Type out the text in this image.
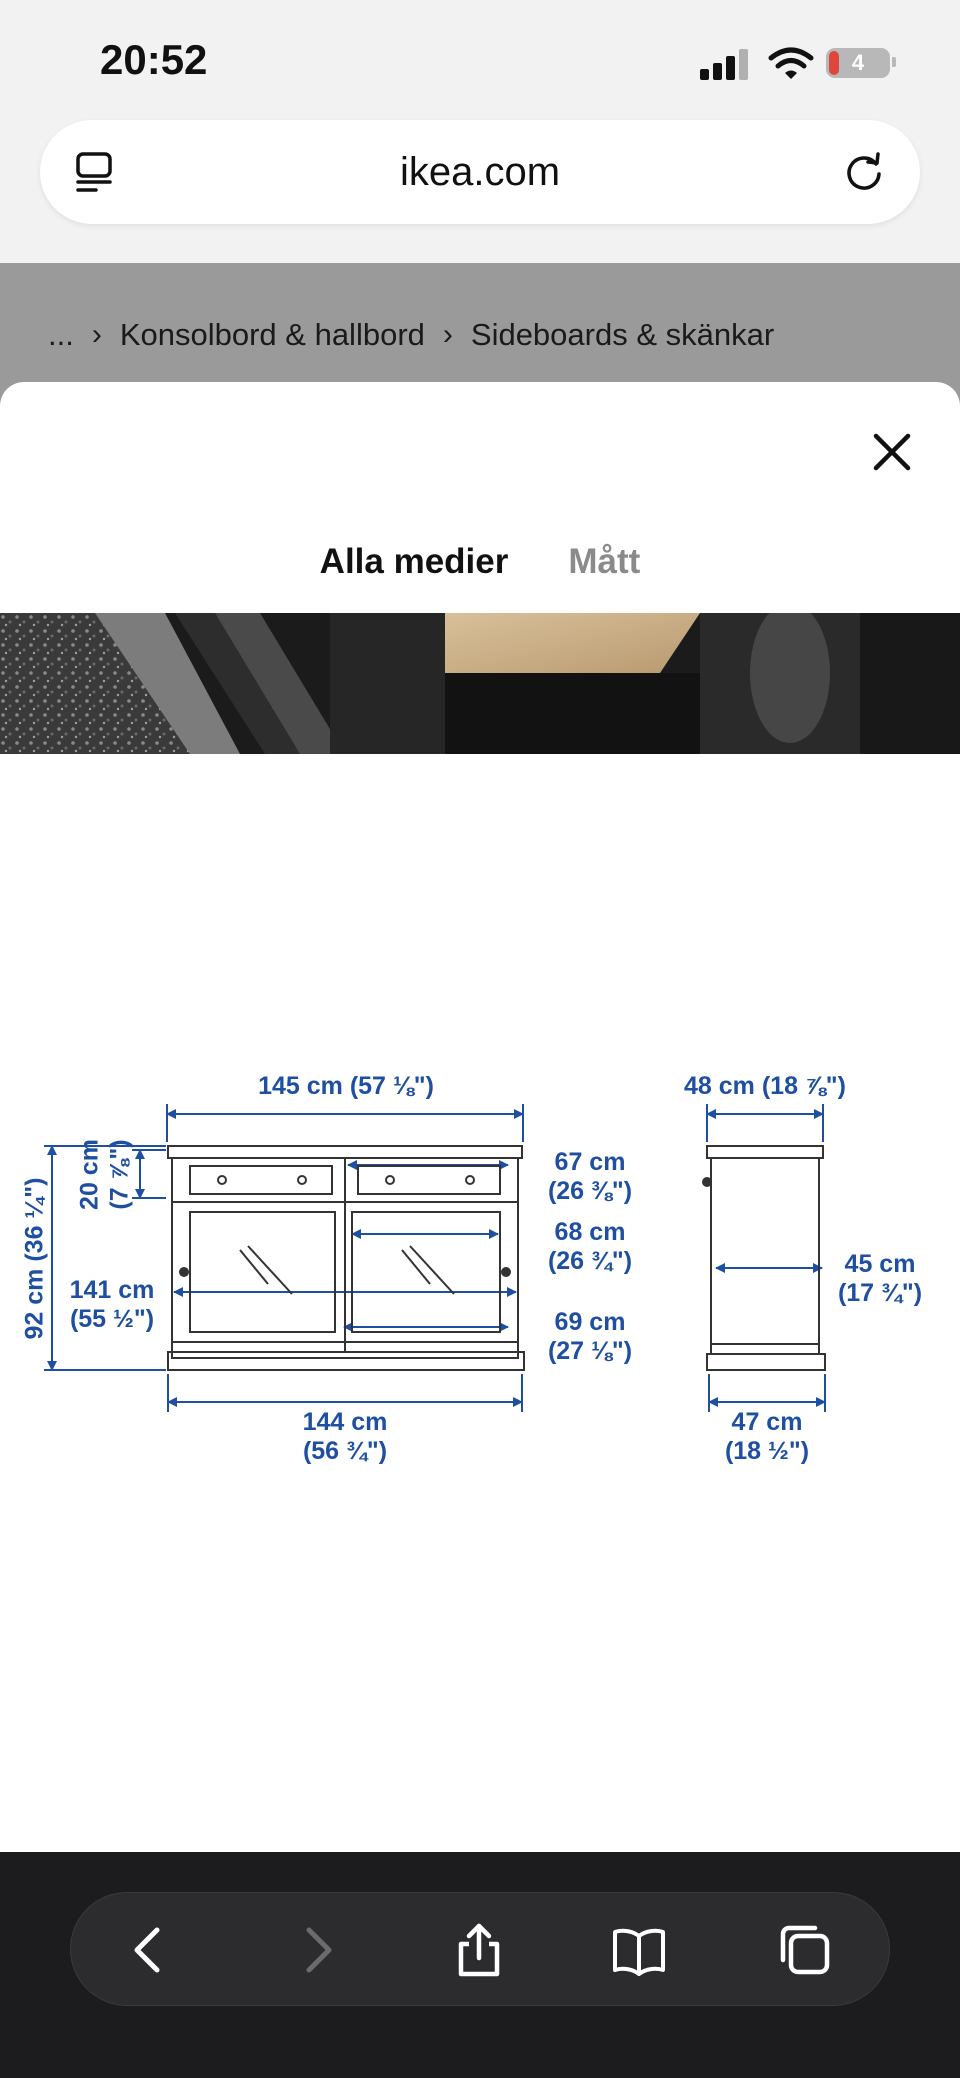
20:52	4
ikea.com
... › Konsolbord & hallbord › Sideboards & skänkar
Alla medier Mått
145 cm (57 ⅛")	48 cm (18 ⅞")
92 cm (36 ¼")
20 cm (7 ⅞")	67 cm
(26 ⅜")
68 cm
(26 ¾")
141 cm
(55 ½")	69 cm
(27 ⅛")
45 cm
(17 ¾")
144 cm
(56 ¾")
47 cm
(18 ½")
